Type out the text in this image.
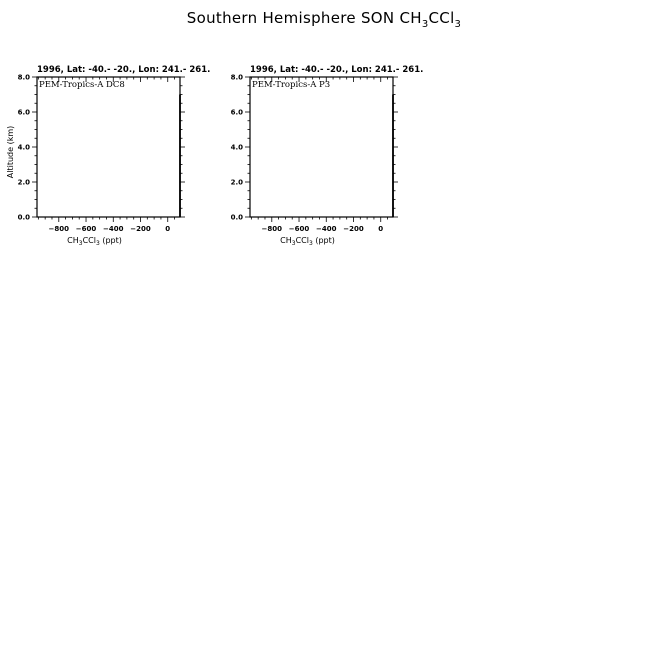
Southern Hemisphere SON $CH_3CCl_3$
1996, Lat: -40.- -20., Lon: 241.- 261.
PEM-Tropics-A DC8
−800 −600 −400 −200 0
0.0
2.0
4.0
6.0
8.0
$CH_3CCl_3$ (ppt)
Altitude (km)
1996, Lat: -40.- -20., Lon: 241.- 261.
PEM-Tropics-A P3
−800 −600 −400 −200 0
0.0
2.0
4.0
6.0
8.0
$CH_3CCl_3$ (ppt)
